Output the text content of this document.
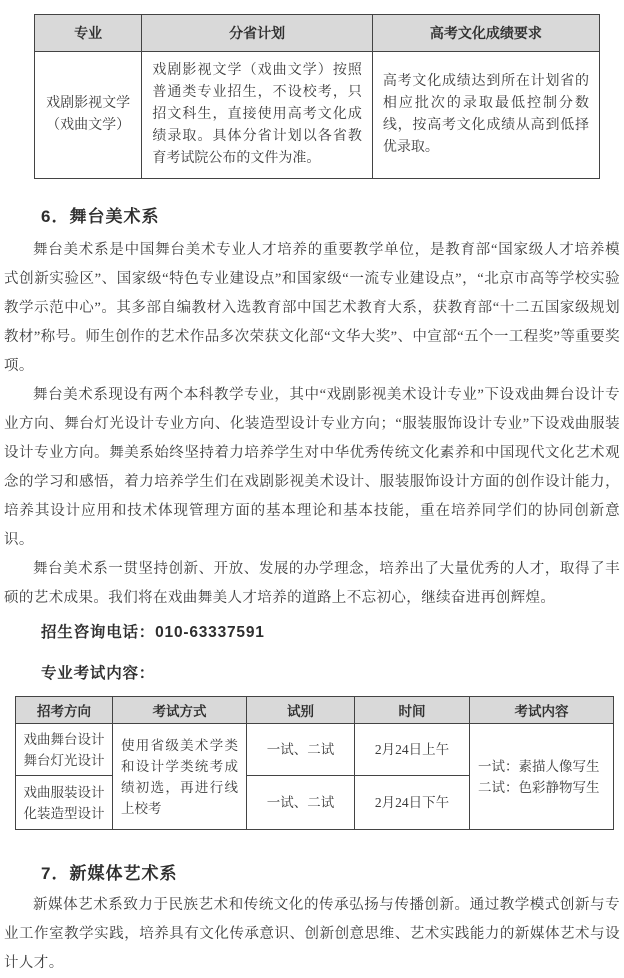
专业	分省计划	高考文化成绩要求

戏剧影视文学
（戏曲文学）	戏剧影视文学（戏曲文学）按照普通类专业招生，不设校考，只招文科生，直接使用高考文化成绩录取。具体分省计划以各省教育考试院公布的文件为准。	高考文化成绩达到所在计划省的相应批次的录取最低控制分数线，按高考文化成绩从高到低择优录取。
6．舞台美术系

舞台美术系是中国舞台美术专业人才培养的重要教学单位，是教育部“国家级人才培养模式创新实验区”、国家级“特色专业建设点”和国家级“一流专业建设点”，“北京市高等学校实验教学示范中心”。其多部自编教材入选教育部中国艺术教育大系，获教育部“十二五国家级规划教材”称号。师生创作的艺术作品多次荣获文化部“文华大奖”、中宣部“五个一工程奖”等重要奖项。

舞台美术系现设有两个本科教学专业，其中“戏剧影视美术设计专业”下设戏曲舞台设计专业方向、舞台灯光设计专业方向、化装造型设计专业方向；“服装服饰设计专业”下设戏曲服装设计专业方向。舞美系始终坚持着力培养学生对中华优秀传统文化素养和中国现代文化艺术观念的学习和感悟，着力培养学生们在戏剧影视美术设计、服装服饰设计方面的创作设计能力，培养其设计应用和技术体现管理方面的基本理论和基本技能，重在培养同学们的协同创新意识。

舞台美术系一贯坚持创新、开放、发展的办学理念，培养出了大量优秀的人才，取得了丰硕的艺术成果。我们将在戏曲舞美人才培养的道路上不忘初心，继续奋进再创辉煌。

招生咨询电话：010-63337591

专业考试内容：

招考方向	考试方式	试别	时间	考试内容

戏曲舞台设计
舞台灯光设计	使用省级美术学类和设计学类统考成绩初选，再进行线上校考	一试、二试	2月24日上午	一试：素描人像写生
二试：色彩静物写生

戏曲服装设计
化装造型设计		一试、二试	2月24日下午	
7．新媒体艺术系

新媒体艺术系致力于民族艺术和传统文化的传承弘扬与传播创新。通过教学模式创新与专业工作室教学实践，培养具有文化传承意识、创新创意思维、艺术实践能力的新媒体艺术与设计人才。
